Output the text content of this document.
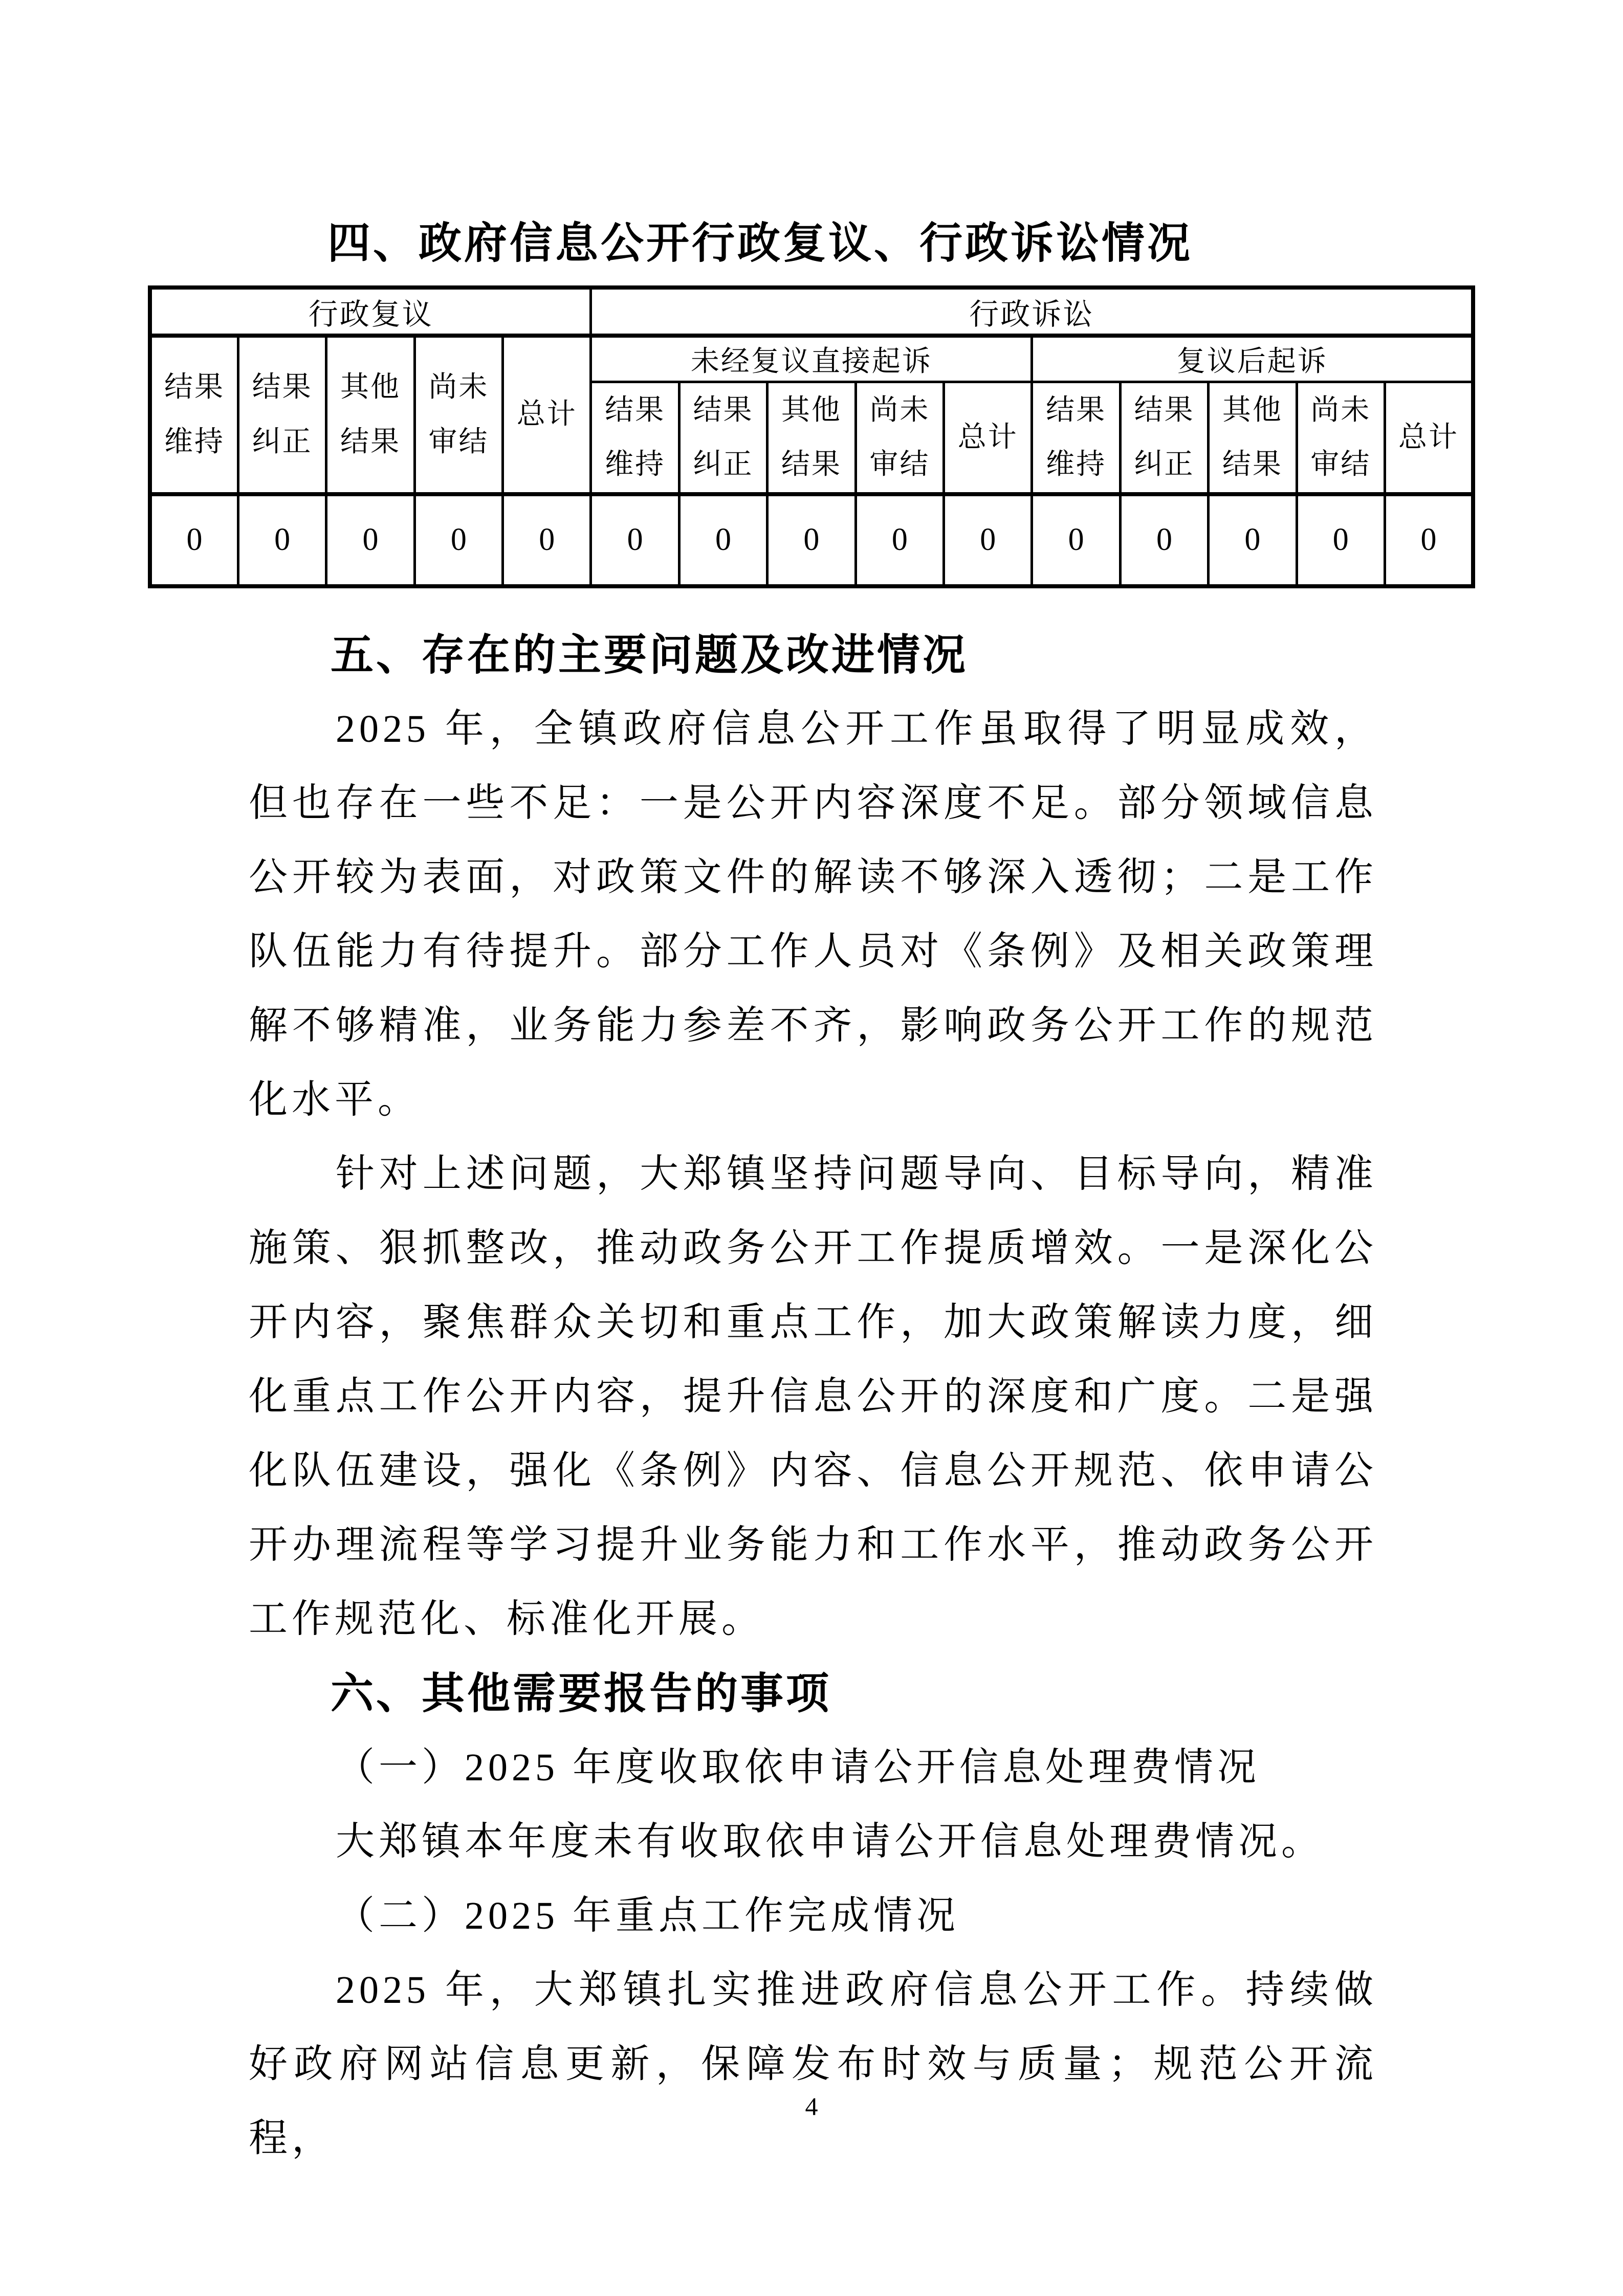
四、政府信息公开行政复议、行政诉讼情况
行政复议					行政诉讼									
结果维持	结果纠正	其他结果	尚未审结	总计	未经复议直接起诉					复议后起诉				
					结果维持	结果纠正	其他结果	尚未审结	总计	结果维持	结果纠正	其他结果	尚未审结	总计
0	0	0	0	0	0	0	0	0	0	0	0	0	0	0
五、存在的主要问题及改进情况

2025 年，全镇政府信息公开工作虽取得了明显成效，但也存在一些不足：一是公开内容深度不足。部分领域信息公开较为表面，对政策文件的解读不够深入透彻；二是工作队伍能力有待提升。部分工作人员对《条例》及相关政策理解不够精准，业务能力参差不齐，影响政务公开工作的规范化水平。

针对上述问题，大郑镇坚持问题导向、目标导向，精准施策、狠抓整改，推动政务公开工作提质增效。一是深化公开内容，聚焦群众关切和重点工作，加大政策解读力度，细化重点工作公开内容，提升信息公开的深度和广度。二是强化队伍建设，强化《条例》内容、信息公开规范、依申请公开办理流程等学习提升业务能力和工作水平，推动政务公开工作规范化、标准化开展。

六、其他需要报告的事项

（一）2025 年度收取依申请公开信息处理费情况

大郑镇本年度未有收取依申请公开信息处理费情况。

（二）2025 年重点工作完成情况

2025 年，大郑镇扎实推进政府信息公开工作。持续做好政府网站信息更新，保障发布时效与质量；规范公开流程，

4
